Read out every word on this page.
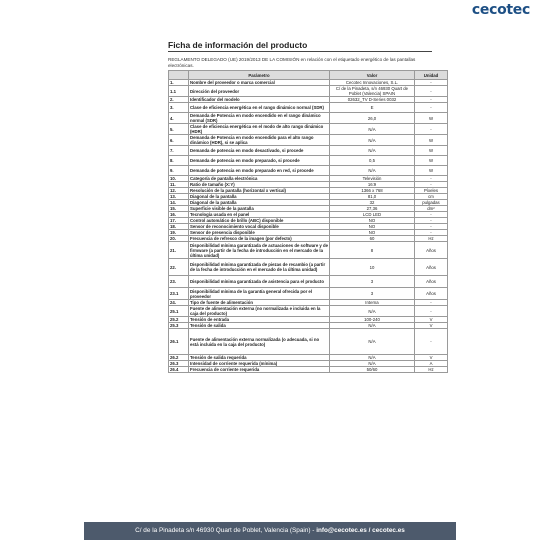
cecotec
Ficha de información del producto
REGLAMENTO DELEGADO (UE) 2019/2013 DE LA COMISIÓN en relación con el etiquetado energético de las pantallas electrónicas.
	Parámetro	Valor	Unidad
1.	Nombre del proveedor o marca comercial	Cecotec Innovaciones, S.L.	-
1.1	Dirección del proveedor	C/ de la Pinadeta, s/n 46930 Quart de Poblet (Valencia) SPAIN	-
2.	Identificador del modelo	02632_TV D-Series 0032	-
3.	Clase de eficiencia energética en el rango dinámico normal (SDR)	E	-
4.	Demanda de Potencia en modo encendido en el rango dinámico normal (SDR)	26,0	W
5.	Clase de eficiencia energética en el modo de alto rango dinámico (HDR)	N/A	-
6.	Demanda de Potencia en modo encendido para el alto rango dinámico (HDR), si se aplica	N/A	W
7.	Demanda de potencia en modo desactivado, si procede	N/A	W
8.	Demanda de potencia en modo preparado, si procede	0,5	W
9.	Demanda de potencia en modo preparado en red, si procede	N/A	W
10.	Categoría de pantalla electrónica	Televisión	-
11.	Ratio de tamaño (X:Y)	16:9	-
12.	Resolución de la pantalla (horizontal x vertical)	1366 x 768	Píxeles
13.	Diagonal de la pantalla	81,0	cm
14.	Diagonal de la pantalla	32	pulgadas
15.	Superficie visible de la pantalla	27,36	dm²
16.	Tecnología usada en el panel	LCD LED	-
17.	Control automático de brillo (ABC) disponible	NO	-
18.	Sensor de reconocimiento vocal disponible	NO	-
19.	Sensor de presencia disponible	NO	-
20.	Frecuencia de refresco de la imagen (por defecto)	60	Hz
21.	Disponibilidad mínima garantizada de actuaciones de software y de firmware (a partir de la fecha de introducción en el mercado de la última unidad)	8	Años
22.	Disponibilidad mínima garantizada de piezas de recambio (a partir de la fecha de introducción en el mercado de la última unidad)	10	Años
23.	Disponibilidad mínima garantizada de asistencia para el producto	3	Años
23.1	Disponibilidad mínima de la garantía general ofrecida por el proveedor	3	Años
24.	Tipo de fuente de alimentación	Interna	-
25.1	Fuente de alimentación externa (no normalizada e incluida en la caja del producto)	N/A	-
25.2	Tensión de entrada	100-240	V
25.3	Tensión de salida	N/A	V
26.1	Fuente de alimentación externa normalizada (o adecuada, si no está incluida en la caja del producto)	N/A	-
26.2	Tensión de salida requerida	N/A	V
26.3	Intensidad de corriente requerida (mínima)	N/A	A
26.4	Frecuencia de corriente requerida	50/60	Hz
C/ de la Pinadeta s/n 46930 Quart de Poblet, Valencia (Spain) - info@cecotec.es / cecotec.es
